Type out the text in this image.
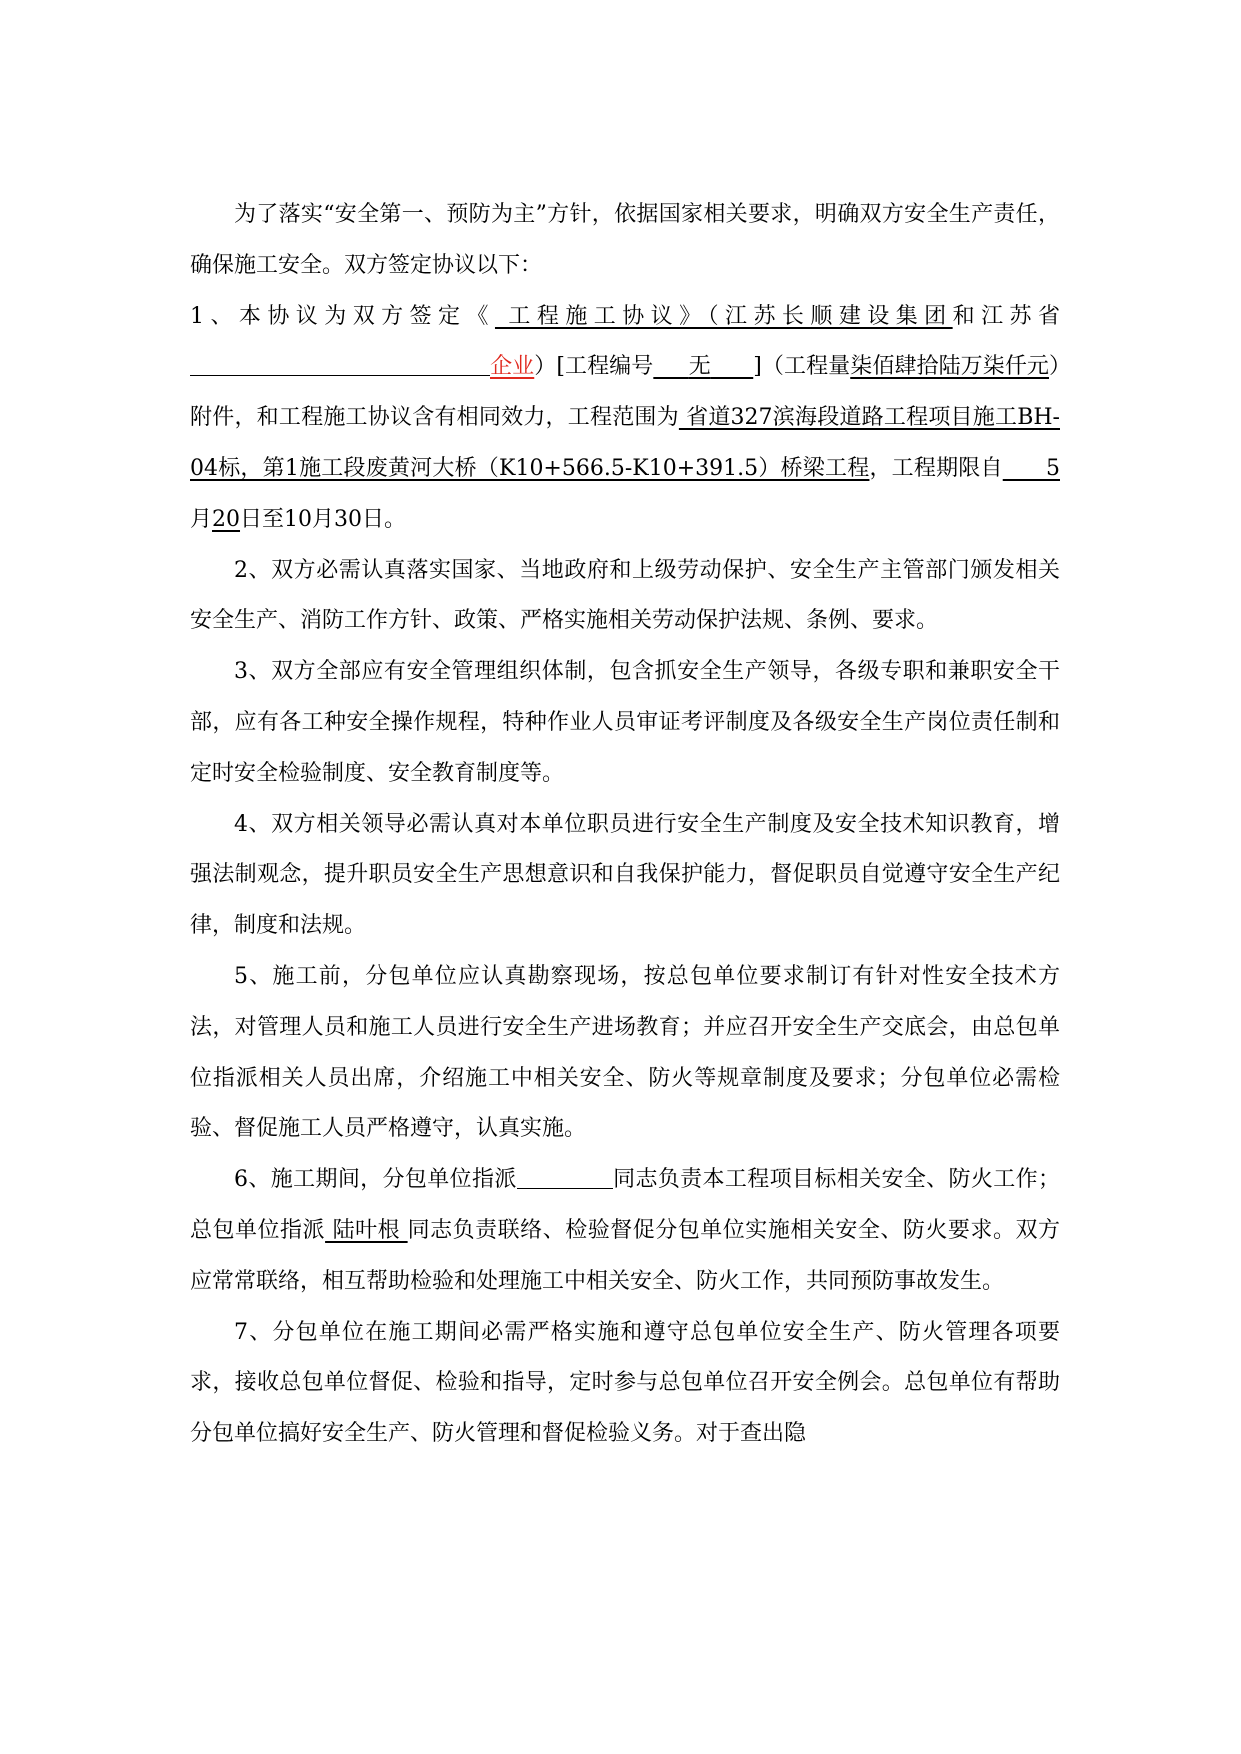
为了落实“安全第一、预防为主”方针，依据国家相关要求，明确双方安全生产责任，确保施工安全。双方签定协议以下：

1、本协议为双方签定《 工程施工协议》（江苏长顺建设集团和江苏省企业）[工程编号 无 ]（工程量柒佰肆拾陆万柒仟元）附件，和工程施工协议含有相同效力，工程范围为 省道327滨海段道路工程项目施工BH-04标，第1施工段废黄河大桥（K10+566.5-K10+391.5）桥梁工程，工程期限自 5月20日至10月30日。

2、双方必需认真落实国家、当地政府和上级劳动保护、安全生产主管部门颁发相关安全生产、消防工作方针、政策、严格实施相关劳动保护法规、条例、要求。

3、双方全部应有安全管理组织体制，包含抓安全生产领导，各级专职和兼职安全干部，应有各工种安全操作规程，特种作业人员审证考评制度及各级安全生产岗位责任制和定时安全检验制度、安全教育制度等。

4、双方相关领导必需认真对本单位职员进行安全生产制度及安全技术知识教育，增强法制观念，提升职员安全生产思想意识和自我保护能力，督促职员自觉遵守安全生产纪律，制度和法规。

5、施工前，分包单位应认真勘察现场，按总包单位要求制订有针对性安全技术方法，对管理人员和施工人员进行安全生产进场教育；并应召开安全生产交底会，由总包单位指派相关人员出席，介绍施工中相关安全、防火等规章制度及要求；分包单位必需检验、督促施工人员严格遵守，认真实施。

6、施工期间，分包单位指派	同志负责本工程项目标相关安全、防火工作；总包单位指派 陆叶根 同志负责联络、检验督促分包单位实施相关安全、防火要求。双方应常常联络，相互帮助检验和处理施工中相关安全、防火工作，共同预防事故发生。

7、分包单位在施工期间必需严格实施和遵守总包单位安全生产、防火管理各项要求，接收总包单位督促、检验和指导，定时参与总包单位召开安全例会。总包单位有帮助分包单位搞好安全生产、防火管理和督促检验义务。对于查出隐
